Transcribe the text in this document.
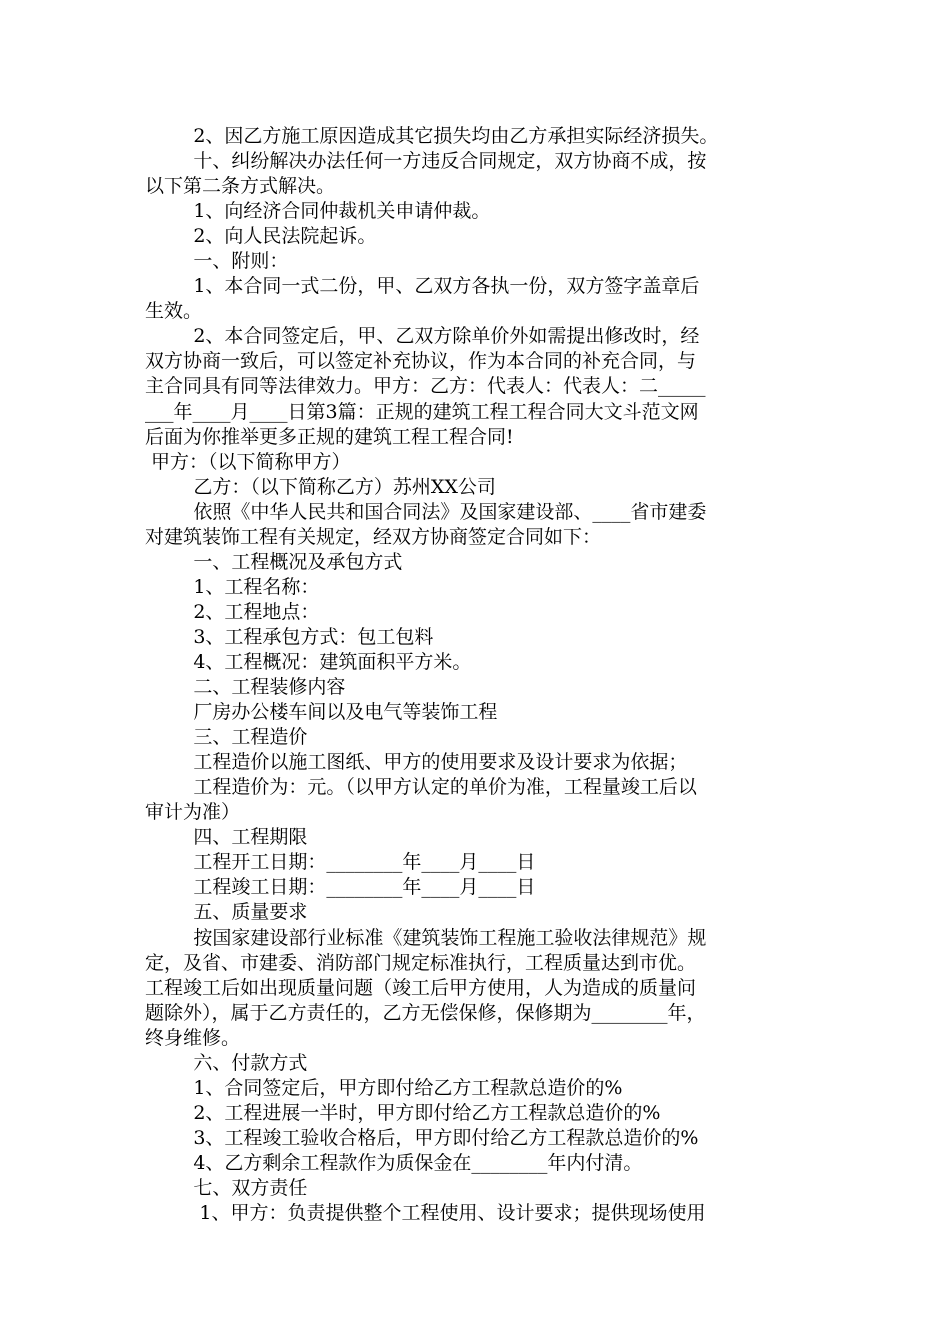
2、因乙方施工原因造成其它损失均由乙方承担实际经济损失。
十、纠纷解决办法任何一方违反合同规定，双方协商不成，按
以下第二条方式解决。
1、向经济合同仲裁机关申请仲裁。
2、向人民法院起诉。
一、附则：
1、本合同一式二份，甲、乙双方各执一份，双方签字盖章后
生效。
2、本合同签定后，甲、乙双方除单价外如需提出修改时，经
双方协商一致后，可以签定补充协议，作为本合同的补充合同，与
主合同具有同等法律效力。甲方：乙方：代表人：代表人：二_____
___年____月____日第3篇：正规的建筑工程工程合同大文斗范文网
后面为你推举更多正规的建筑工程工程合同!
甲方：（以下简称甲方）
乙方：（以下简称乙方）苏州XX公司
依照《中华人民共和国合同法》及国家建设部、____省市建委
对建筑装饰工程有关规定，经双方协商签定合同如下：
一、工程概况及承包方式
1、工程名称：
2、工程地点：
3、工程承包方式：包工包料
4、工程概况：建筑面积平方米。
二、工程装修内容
厂房办公楼车间以及电气等装饰工程
三、工程造价
工程造价以施工图纸、甲方的使用要求及设计要求为依据；
工程造价为：元。（以甲方认定的单价为准，工程量竣工后以
审计为准）
四、工程期限
工程开工日期：________年____月____日
工程竣工日期：________年____月____日
五、质量要求
按国家建设部行业标准《建筑装饰工程施工验收法律规范》规
定，及省、市建委、消防部门规定标准执行，工程质量达到市优。
工程竣工后如出现质量问题（竣工后甲方使用，人为造成的质量问
题除外），属于乙方责任的，乙方无偿保修，保修期为________年，
终身维修。
六、付款方式
1、合同签定后，甲方即付给乙方工程款总造价的%
2、工程进展一半时，甲方即付给乙方工程款总造价的%
3、工程竣工验收合格后，甲方即付给乙方工程款总造价的%
4、乙方剩余工程款作为质保金在________年内付清。
七、双方责任
1、甲方：负责提供整个工程使用、设计要求；提供现场使用
